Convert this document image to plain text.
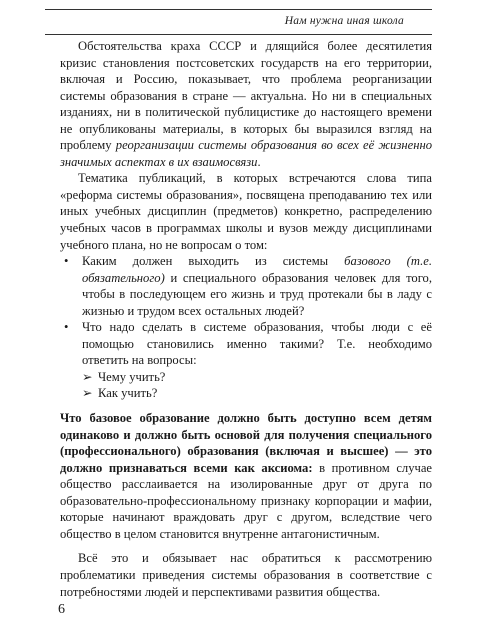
Нам нужна иная школа

Обстоятельства краха СССР и длящийся более десятилетия кризис становления постсоветских государств на его территории, включая и Россию, показывает, что проблема реорганизации системы образования в стране — актуальна. Но ни в специальных изданиях, ни в политической публицистике до настоящего времени не опубликованы материалы, в которых бы выразился взгляд на проблему реорганизации системы образования во всех её жизненно значимых аспектах в их взаимосвязи.

Тематика публикаций, в которых встречаются слова типа «реформа системы образования», посвящена преподаванию тех или иных учебных дисциплин (предметов) конкретно, распределению учебных часов в программах школы и вузов между дисциплинами учебного плана, но не вопросам о том:

• Каким должен выходить из системы базового (т.е. обязательного) и специального образования человек для того, чтобы в последующем его жизнь и труд протекали бы в ладу с жизнью и трудом всех остальных людей?
• Что надо сделать в системе образования, чтобы люди с её помощью становились именно такими? Т.е. необходимо ответить на вопросы:
➢ Чему учить?
➢ Как учить?

Что базовое образование должно быть доступно всем детям одинаково и должно быть основой для получения специального (профессионального) образования (включая и высшее) — это должно признаваться всеми как аксиома: в противном случае общество расслаивается на изолированные друг от друга по образовательно-профессиональному признаку корпорации и мафии, которые начинают враждовать друг с другом, вследствие чего общество в целом становится внутренне антагонистичным.

Всё это и обязывает нас обратиться к рассмотрению проблематики приведения системы образования в соответствие с потребностями людей и перспективами развития общества.

6
